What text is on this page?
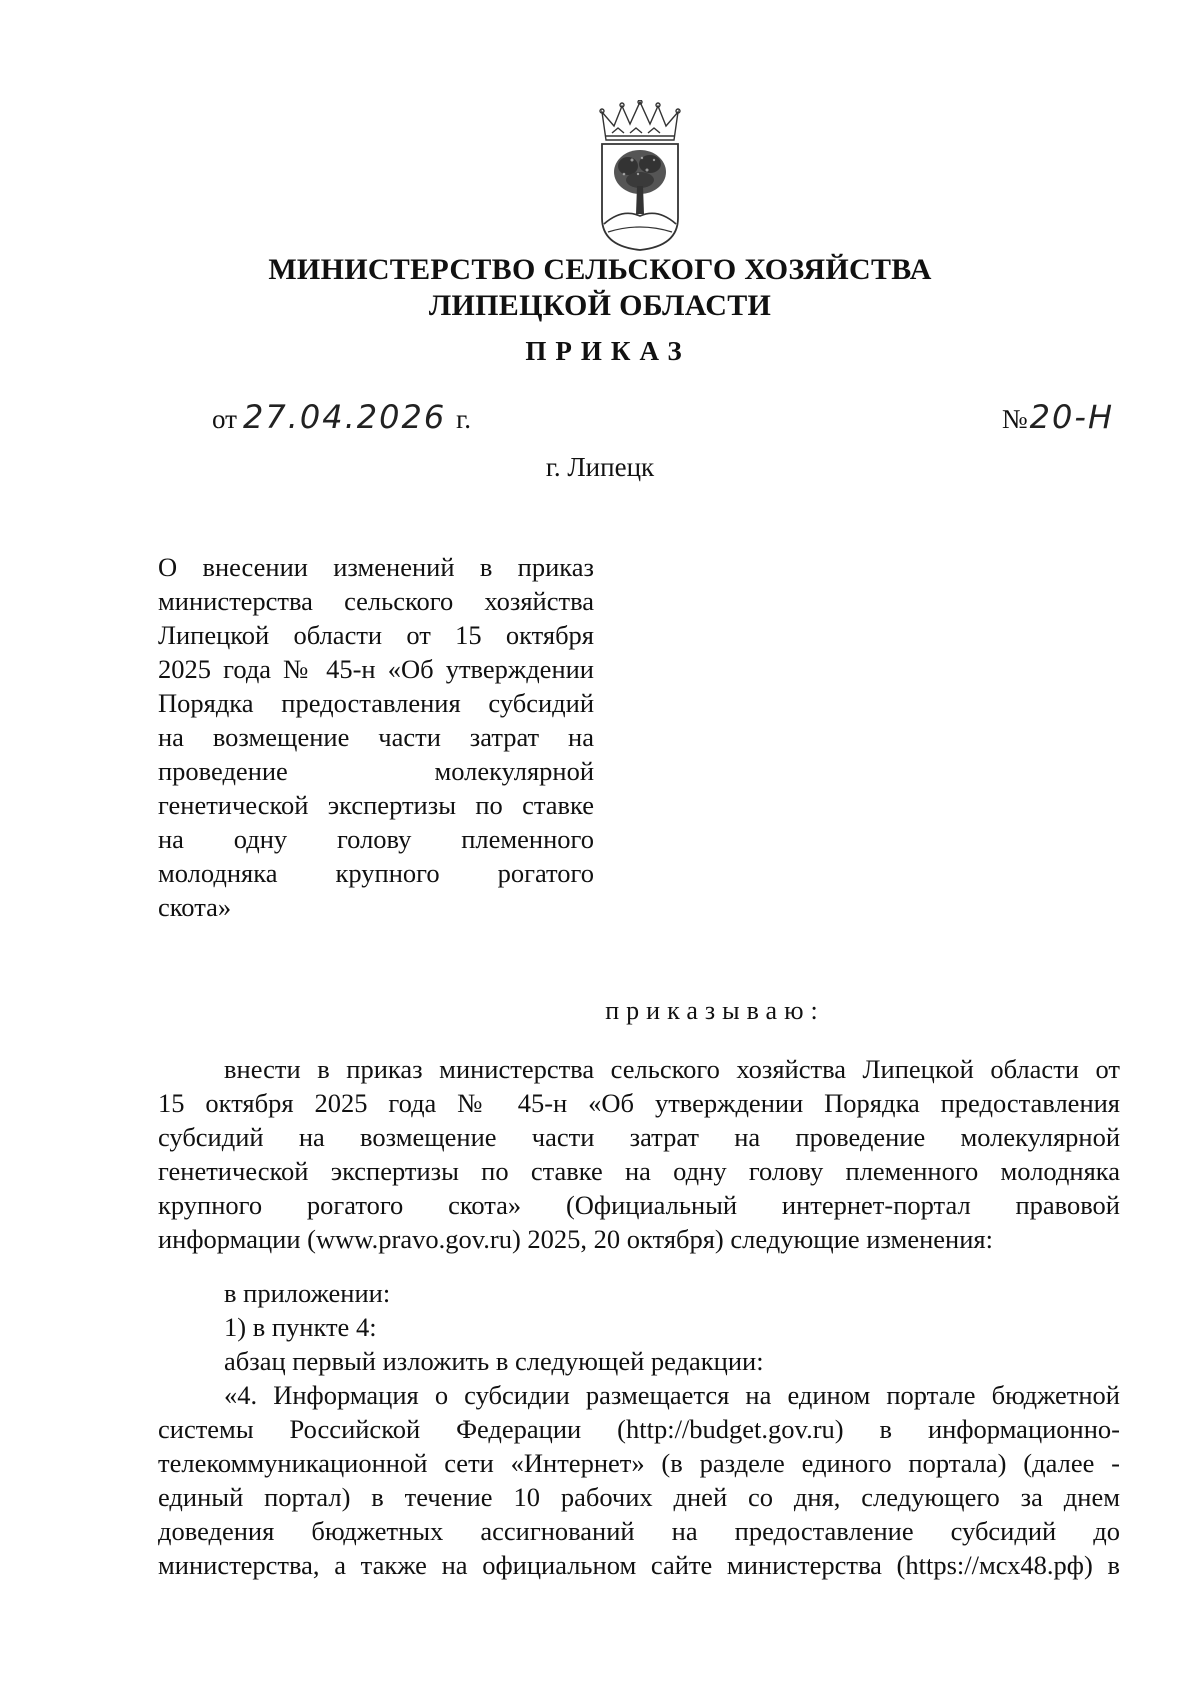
МИНИСТЕРСТВО СЕЛЬСКОГО ХОЗЯЙСТВА
ЛИПЕЦКОЙ ОБЛАСТИ
ПРИКАЗ
от 27.04.2026 г.	№20-Н
г. Липецк
О внесении изменений в приказ
министерства сельского хозяйства
Липецкой области от 15 октября
2025 года № 45-н «Об утверждении
Порядка предоставления субсидий
на возмещение части затрат на
проведение молекулярной
генетической экспертизы по ставке
на одну голову племенного
молодняка крупного рогатого
скота»
приказываю:
внести в приказ министерства сельского хозяйства Липецкой области от
15 октября 2025 года № 45-н «Об утверждении Порядка предоставления
субсидий на возмещение части затрат на проведение молекулярной
генетической экспертизы по ставке на одну голову племенного молодняка
крупного рогатого скота» (Официальный интернет-портал правовой
информации (www.pravo.gov.ru) 2025, 20 октября) следующие изменения:
в приложении:
1) в пункте 4:
абзац первый изложить в следующей редакции:
«4. Информация о субсидии размещается на едином портале бюджетной
системы Российской Федерации (http://budget.gov.ru) в информационно-
телекоммуникационной сети «Интернет» (в разделе единого портала) (далее -
единый портал) в течение 10 рабочих дней со дня, следующего за днем
доведения бюджетных ассигнований на предоставление субсидий до
министерства, а также на официальном сайте министерства (https://мсх48.рф) в
